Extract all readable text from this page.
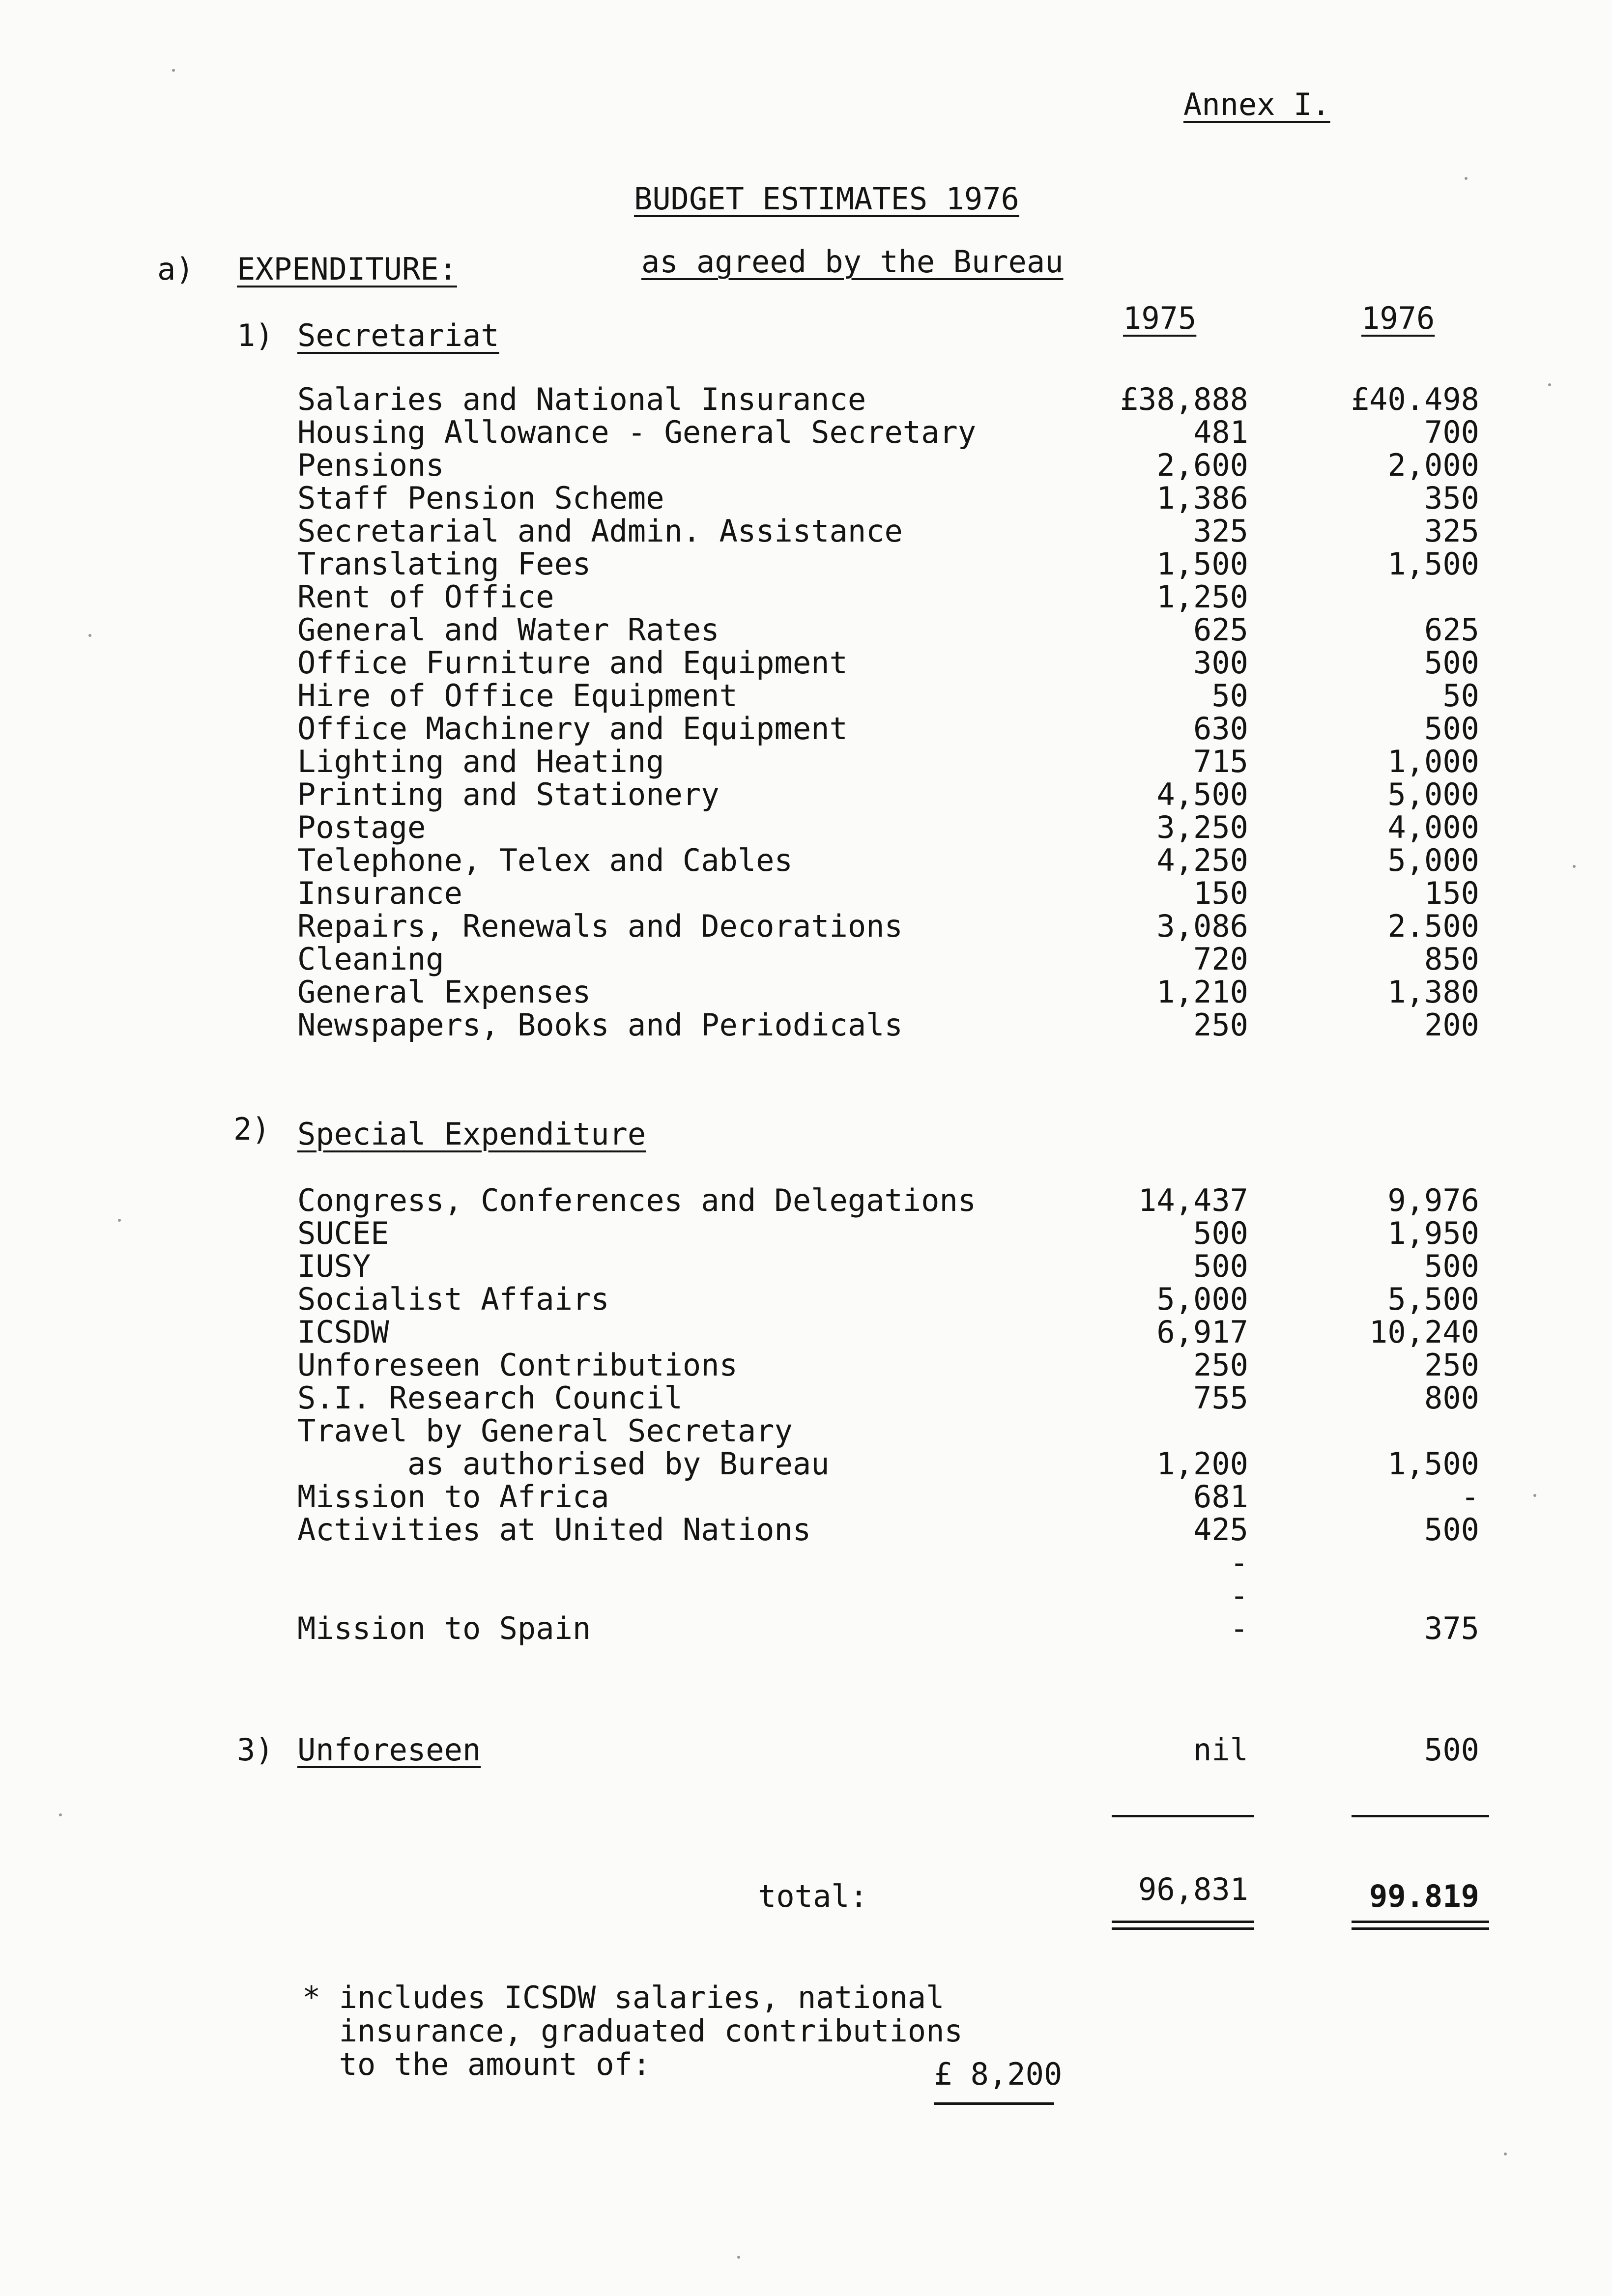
Annex I.
BUDGET ESTIMATES 1976
as agreed by the Bureau
a) EXPENDITURE:
1975	1976
1) Secretariat
Salaries and National Insurance	£38,888	£40.498
Housing Allowance - General Secretary	481	700
Pensions	2,600	2,000
Staff Pension Scheme	1,386	350
Secretarial and Admin. Assistance	325	325
Translating Fees	1,500	1,500
Rent of Office	1,250
General and Water Rates	625	625
Office Furniture and Equipment	300	500
Hire of Office Equipment	50	50
Office Machinery and Equipment	630	500
Lighting and Heating	715	1,000
Printing and Stationery	4,500	5,000
Postage	3,250	4,000
Telephone, Telex and Cables	4,250	5,000
Insurance	150	150
Repairs, Renewals and Decorations	3,086	2.500
Cleaning	720	850
General Expenses	1,210	1,380
Newspapers, Books and Periodicals	250	200
2) Special Expenditure
Congress, Conferences and Delegations	14,437	9,976
SUCEE	500	1,950
IUSY	500	500
Socialist Affairs	5,000	5,500
ICSDW	6,917	10,240
Unforeseen Contributions	250	250
S.I. Research Council	755	800
Travel by General Secretary
as authorised by Bureau	1,200	1,500
Mission to Africa	681	-
Activities at United Nations	425	500
-
-
Mission to Spain	-	375
3) Unforeseen	nil	500
total:	96,831	99.819
* includes ICSDW salaries, national
insurance, graduated contributions
to the amount of:	£ 8,200
